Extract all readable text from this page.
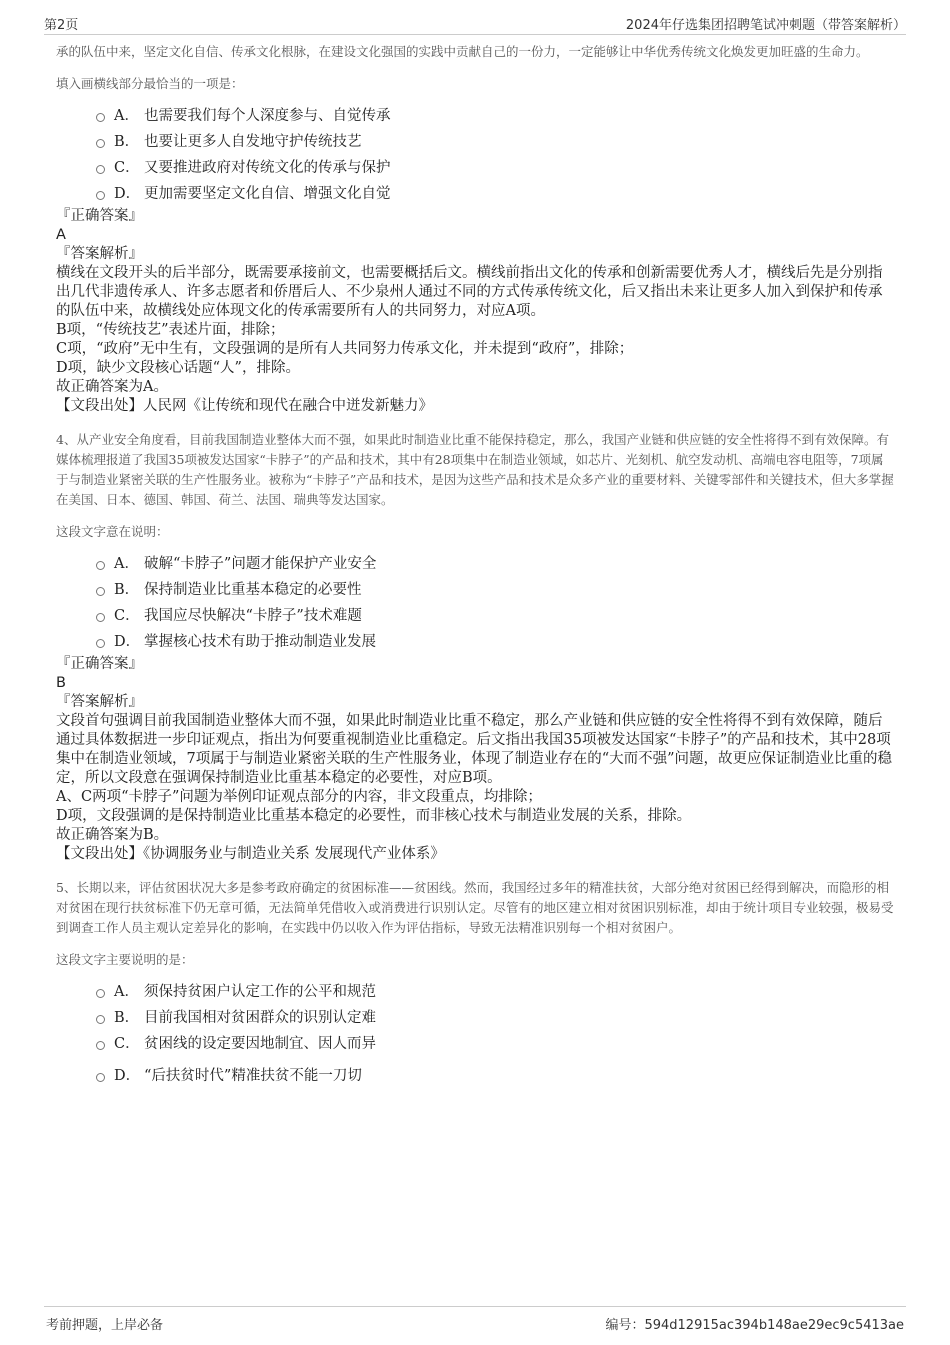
第2页	2024年仔选集团招聘笔试冲刺题（带答案解析）

承的队伍中来，坚定文化自信、传承文化根脉，在建设文化强国的实践中贡献自己的一份力，一定能够让中华优秀传统文化焕发更加旺盛的生命力。

填入画横线部分最恰当的一项是：

A． 也需要我们每个人深度参与、自觉传承
B． 也要让更多人自发地守护传统技艺
C． 又要推进政府对传统文化的传承与保护
D． 更加需要坚定文化自信、增强文化自觉

『正确答案』

A

『答案解析』

横线在文段开头的后半部分，既需要承接前文，也需要概括后文。横线前指出文化的传承和创新需要优秀人才，横线后先是分别指出几代非遗传承人、许多志愿者和侨厝后人、不少泉州人通过不同的方式传承传统文化，后又指出未来让更多人加入到保护和传承的队伍中来，故横线处应体现文化的传承需要所有人的共同努力，对应A项。

B项，“传统技艺”表述片面，排除；

C项，“政府”无中生有，文段强调的是所有人共同努力传承文化，并未提到“政府”，排除；

D项，缺少文段核心话题“人”，排除。

故正确答案为A。

【文段出处】人民网《让传统和现代在融合中迸发新魅力》

4、从产业安全角度看，目前我国制造业整体大而不强，如果此时制造业比重不能保持稳定，那么，我国产业链和供应链的安全性将得不到有效保障。有媒体梳理报道了我国35项被发达国家“卡脖子”的产品和技术，其中有28项集中在制造业领域，如芯片、光刻机、航空发动机、高端电容电阻等，7项属于与制造业紧密关联的生产性服务业。被称为“卡脖子”产品和技术，是因为这些产品和技术是众多产业的重要材料、关键零部件和关键技术，但大多掌握在美国、日本、德国、韩国、荷兰、法国、瑞典等发达国家。

这段文字意在说明：

A． 破解“卡脖子”问题才能保护产业安全
B． 保持制造业比重基本稳定的必要性
C． 我国应尽快解决“卡脖子”技术难题
D． 掌握核心技术有助于推动制造业发展

『正确答案』

B

『答案解析』

文段首句强调目前我国制造业整体大而不强，如果此时制造业比重不稳定，那么产业链和供应链的安全性将得不到有效保障，随后通过具体数据进一步印证观点，指出为何要重视制造业比重稳定。后文指出我国35项被发达国家“卡脖子”的产品和技术，其中28项集中在制造业领域，7项属于与制造业紧密关联的生产性服务业，体现了制造业存在的“大而不强”问题，故更应保证制造业比重的稳定，所以文段意在强调保持制造业比重基本稳定的必要性，对应B项。

A、C两项“卡脖子”问题为举例印证观点部分的内容，非文段重点，均排除；

D项，文段强调的是保持制造业比重基本稳定的必要性，而非核心技术与制造业发展的关系，排除。

故正确答案为B。

【文段出处】《协调服务业与制造业关系 发展现代产业体系》

5、长期以来，评估贫困状况大多是参考政府确定的贫困标准——贫困线。然而，我国经过多年的精准扶贫，大部分绝对贫困已经得到解决，而隐形的相对贫困在现行扶贫标准下仍无章可循，无法简单凭借收入或消费进行识别认定。尽管有的地区建立相对贫困识别标准，却由于统计项目专业较强，极易受到调查工作人员主观认定差异化的影响，在实践中仍以收入作为评估指标，导致无法精准识别每一个相对贫困户。

这段文字主要说明的是：

A． 须保持贫困户认定工作的公平和规范
B． 目前我国相对贫困群众的识别认定难
C． 贫困线的设定要因地制宜、因人而异
D． “后扶贫时代”精准扶贫不能一刀切
考前押题，上岸必备	编号：594d12915ac394b148ae29ec9c5413ae
